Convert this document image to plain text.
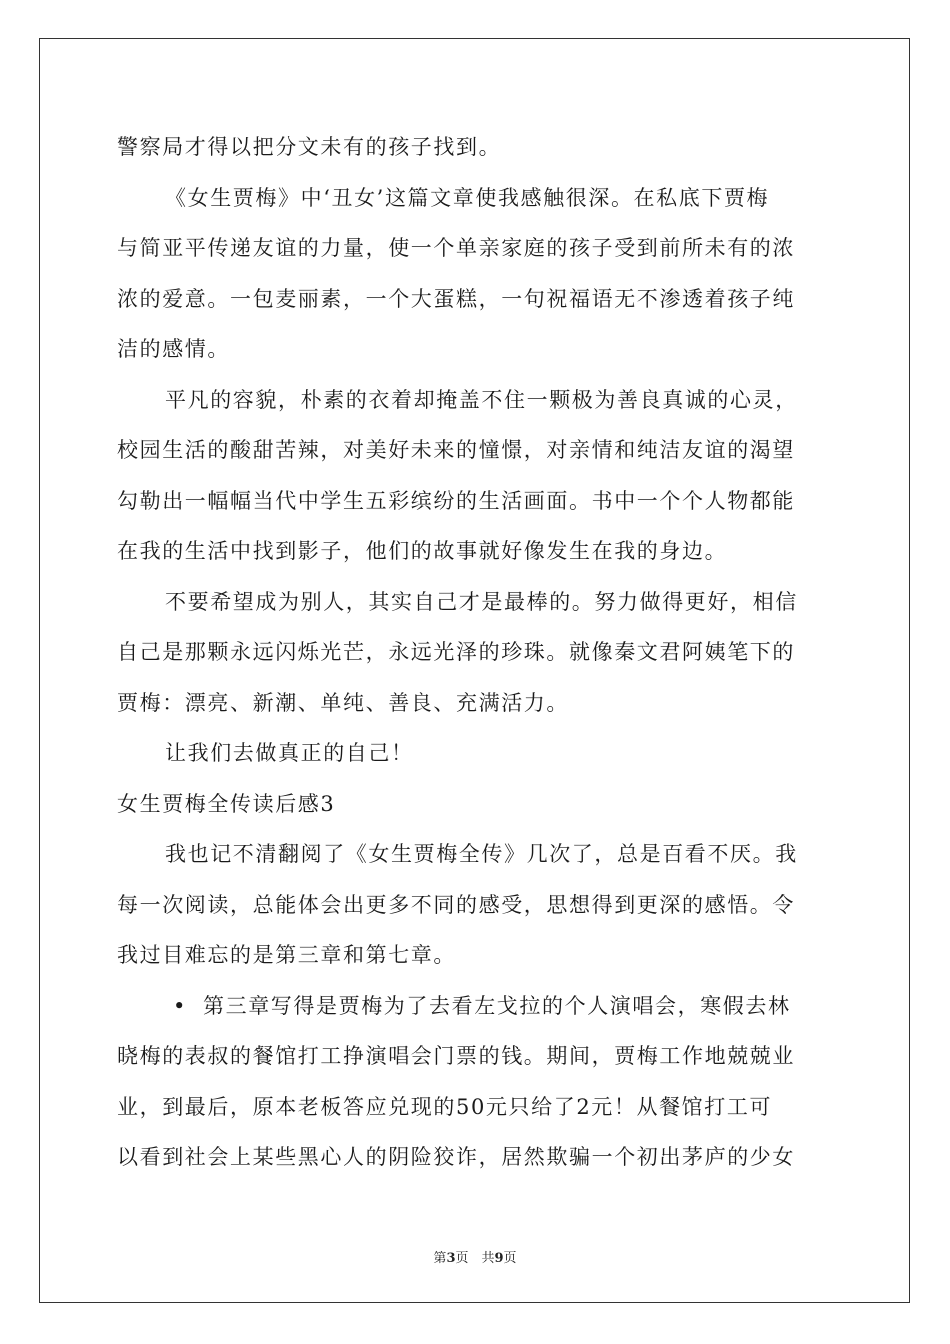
警察局才得以把分文未有的孩子找到。
《女生贾梅》中‘丑女’这篇文章使我感触很深。在私底下贾梅
与简亚平传递友谊的力量，使一个单亲家庭的孩子受到前所未有的浓
浓的爱意。一包麦丽素，一个大蛋糕，一句祝福语无不渗透着孩子纯
洁的感情。
平凡的容貌，朴素的衣着却掩盖不住一颗极为善良真诚的心灵，
校园生活的酸甜苦辣，对美好未来的憧憬，对亲情和纯洁友谊的渴望
勾勒出一幅幅当代中学生五彩缤纷的生活画面。书中一个个人物都能
在我的生活中找到影子，他们的故事就好像发生在我的身边。
不要希望成为别人，其实自己才是最棒的。努力做得更好，相信
自己是那颗永远闪烁光芒，永远光泽的珍珠。就像秦文君阿姨笔下的
贾梅：漂亮、新潮、单纯、善良、充满活力。
让我们去做真正的自己！
女生贾梅全传读后感3
我也记不清翻阅了《女生贾梅全传》几次了，总是百看不厌。我
每一次阅读，总能体会出更多不同的感受，思想得到更深的感悟。令
我过目难忘的是第三章和第七章。
• 第三章写得是贾梅为了去看左戈拉的个人演唱会，寒假去林
晓梅的表叔的餐馆打工挣演唱会门票的钱。期间，贾梅工作地兢兢业
业，到最后，原本老板答应兑现的50元只给了2元！从餐馆打工可
以看到社会上某些黑心人的阴险狡诈，居然欺骗一个初出茅庐的少女
第3页　共9页
